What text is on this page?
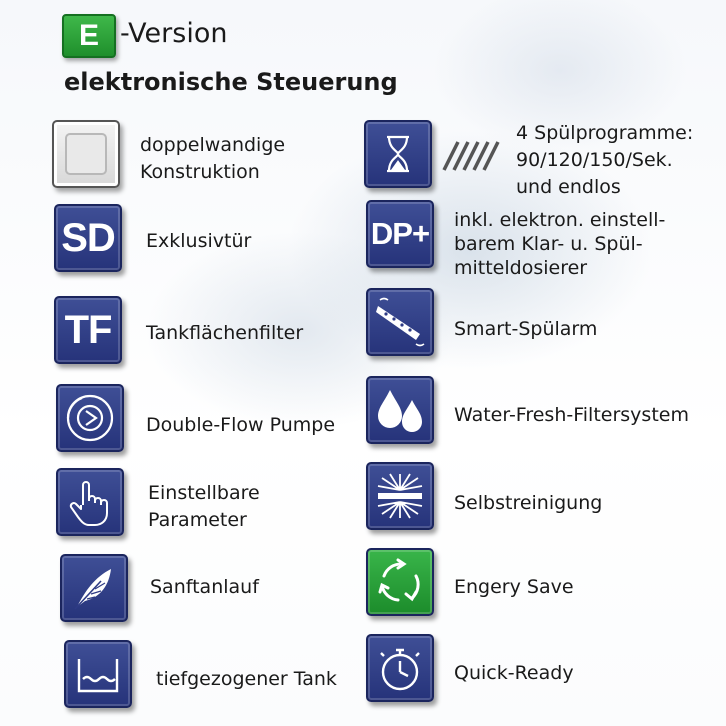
E -Version
elektronische Steuerung
doppelwandige
Konstruktion
SD Exklusivtür
TF Tankflächenfilter
Double-Flow Pumpe
Einstellbare
Parameter
Sanftanlauf
tiefgezogener Tank
4 Spülprogramme:
90/120/150/Sek.
und endlos
DP+ inkl. elektron. einstell-
barem Klar- u. Spül-
mitteldosierer
Smart-Spülarm
Water-Fresh-Filtersystem
Selbstreinigung
Engery Save
Quick-Ready
